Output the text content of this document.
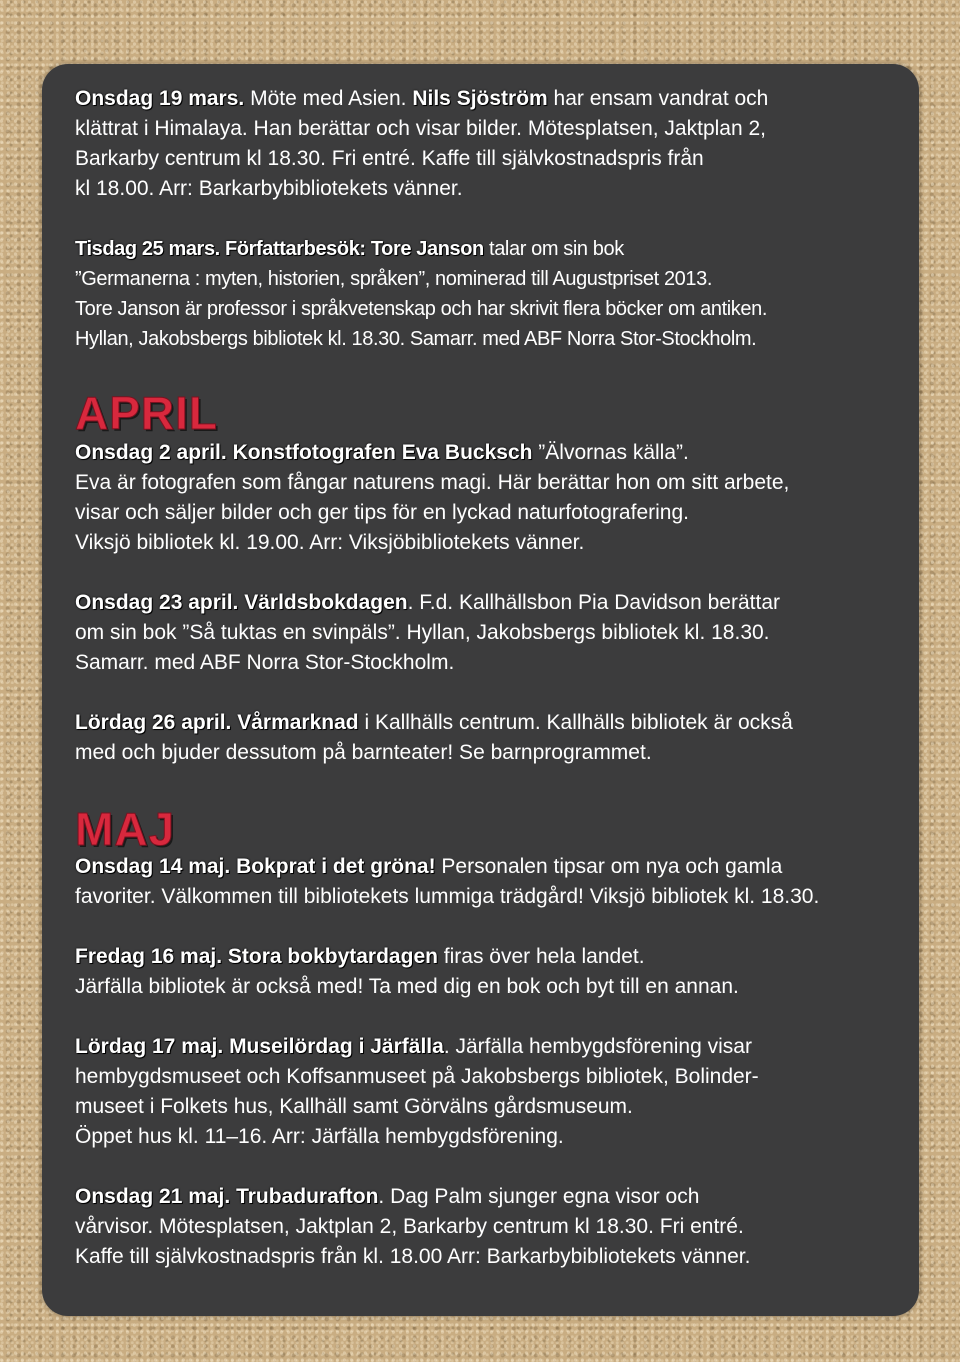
Onsdag 19 mars. Möte med Asien. Nils Sjöström har ensam vandrat och
klättrat i Himalaya. Han berättar och visar bilder. Mötesplatsen, Jaktplan 2,
Barkarby centrum kl 18.30. Fri entré. Kaffe till självkostnadspris från
kl 18.00. Arr: Barkarbybibliotekets vänner.

Tisdag 25 mars. Författarbesök: Tore Janson talar om sin bok
”Germanerna : myten, historien, språken”, nominerad till Augustpriset 2013.
Tore Janson är professor i språkvetenskap och har skrivit flera böcker om antiken.
Hyllan, Jakobsbergs bibliotek kl. 18.30. Samarr. med ABF Norra Stor-Stockholm.

APRIL

Onsdag 2 april. Konstfotografen Eva Bucksch ”Älvornas källa”.
Eva är fotografen som fångar naturens magi. Här berättar hon om sitt arbete,
visar och säljer bilder och ger tips för en lyckad naturfotografering.
Viksjö bibliotek kl. 19.00. Arr: Viksjöbibliotekets vänner.

Onsdag 23 april. Världsbokdagen. F.d. Kallhällsbon Pia Davidson berättar
om sin bok ”Så tuktas en svinpäls”. Hyllan, Jakobsbergs bibliotek kl. 18.30.
Samarr. med ABF Norra Stor-Stockholm.

Lördag 26 april. Vårmarknad i Kallhälls centrum. Kallhälls bibliotek är också
med och bjuder dessutom på barnteater! Se barnprogrammet.

MAJ

Onsdag 14 maj. Bokprat i det gröna! Personalen tipsar om nya och gamla
favoriter. Välkommen till bibliotekets lummiga trädgård! Viksjö bibliotek kl. 18.30.

Fredag 16 maj. Stora bokbytardagen firas över hela landet.
Järfälla bibliotek är också med! Ta med dig en bok och byt till en annan.

Lördag 17 maj. Museilördag i Järfälla. Järfälla hembygdsförening visar
hembygdsmuseet och Koffsanmuseet på Jakobsbergs bibliotek, Bolinder-
museet i Folkets hus, Kallhäll samt Görvälns gårdsmuseum.
Öppet hus kl. 11–16. Arr: Järfälla hembygdsförening.

Onsdag 21 maj. Trubadurafton. Dag Palm sjunger egna visor och
vårvisor. Mötesplatsen, Jaktplan 2, Barkarby centrum kl 18.30. Fri entré.
Kaffe till självkostnadspris från kl. 18.00 Arr: Barkarbybibliotekets vänner.
